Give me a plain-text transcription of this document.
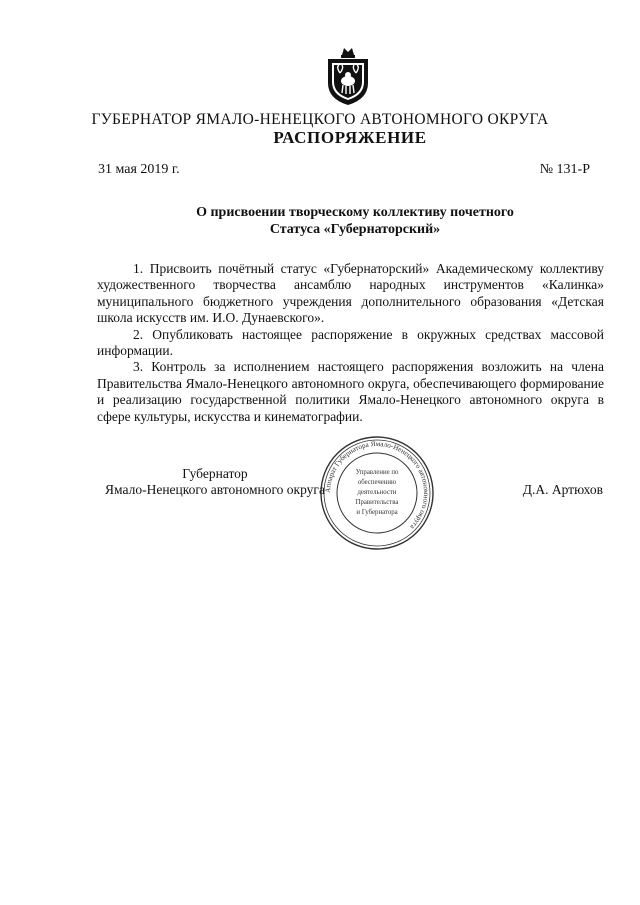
ГУБЕРНАТОР ЯМАЛО-НЕНЕЦКОГО АВТОНОМНОГО ОКРУГА
РАСПОРЯЖЕНИЕ
31 мая 2019 г.	№ 131-Р
О присвоении творческому коллективу почетного
Статуса «Губернаторский»

1. Присвоить почётный статус «Губернаторский» Академическому коллективу художественного творчества ансамблю народных инструментов «Калинка» муниципального бюджетного учреждения дополнительного образования «Детская школа искусств им. И.О. Дунаевского».

2. Опубликовать настоящее распоряжение в окружных средствах массовой информации.

3. Контроль за исполнением настоящего распоряжения возложить на члена Правительства Ямало-Ненецкого автономного округа, обеспечивающего формирование и реализацию государственной политики Ямало-Ненецкого автономного округа в сфере культуры, искусства и кинематографии.

Губернатор
Ямало-Ненецкого автономного округа	Д.А. Артюхов
Аппарат Губернатора Ямало-Ненецкого автономного округа
Управление по
обеспечению
деятельности
Правительства
и Губернатора
